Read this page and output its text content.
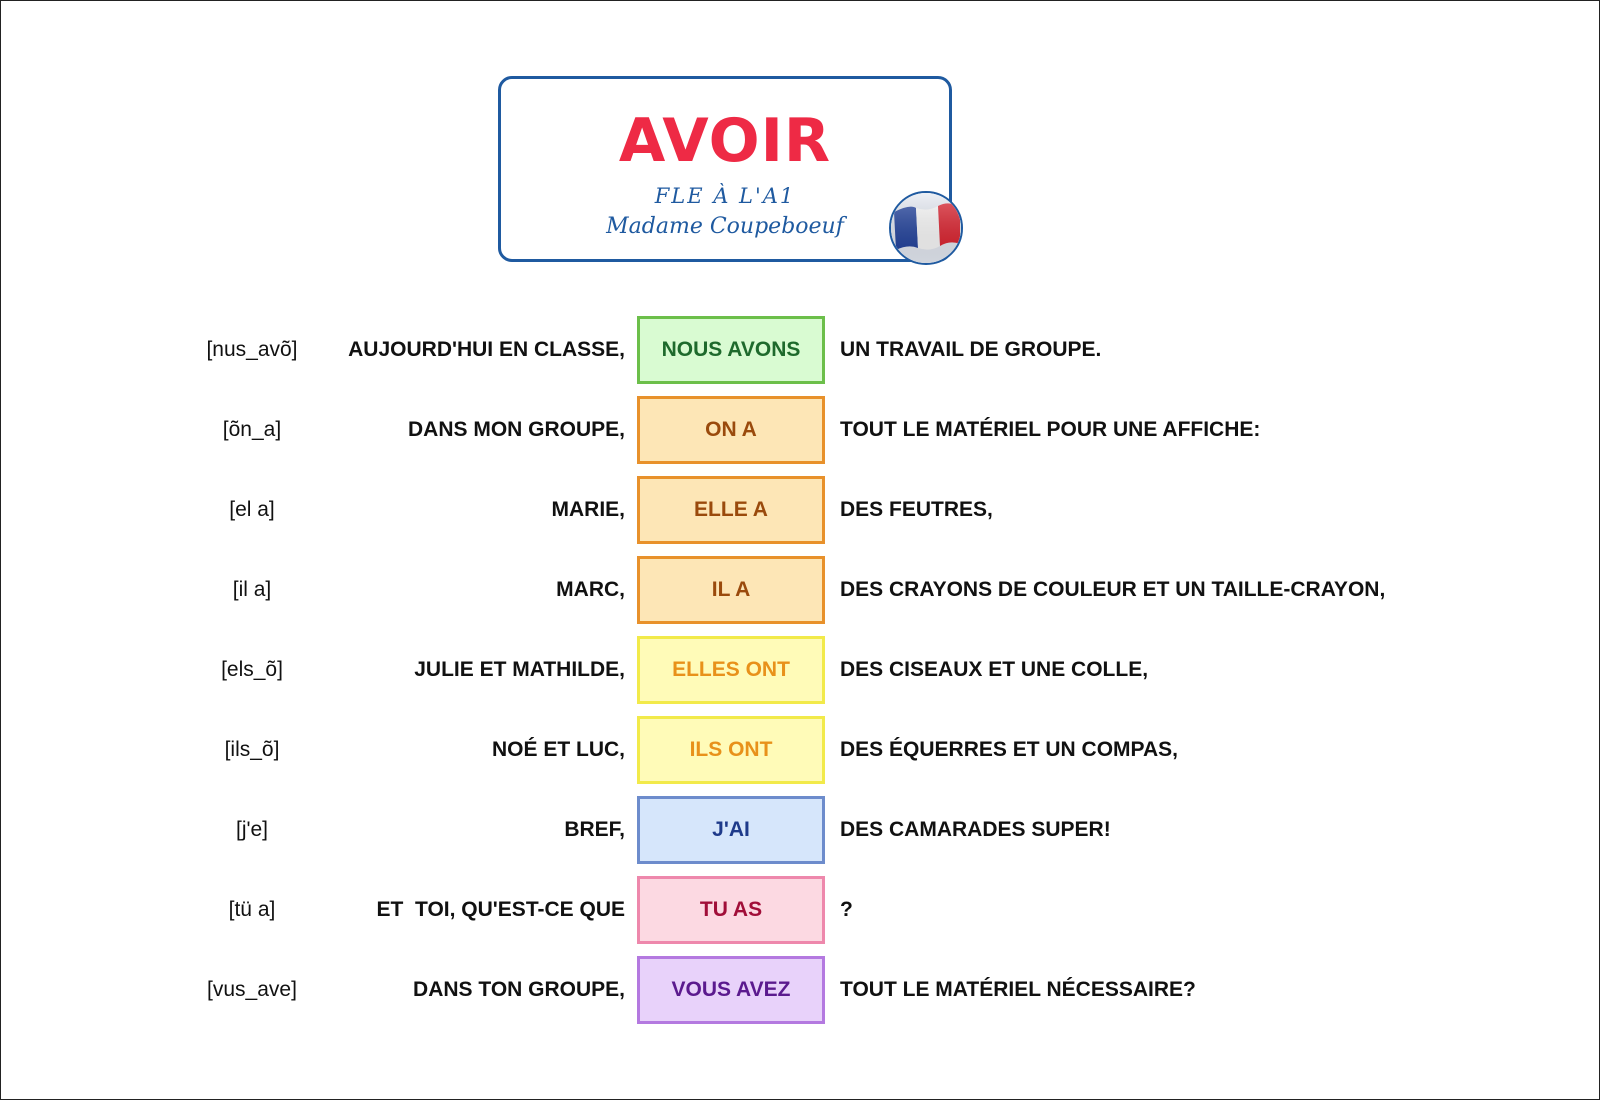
AVOIR
FLE À L'A1
Madame Coupeboeuf
[nus_avõ]	AUJOURD'HUI EN CLASSE,	NOUS AVONS	UN TRAVAIL DE GROUPE.
[õn_a]	DANS MON GROUPE,	ON A	TOUT LE MATÉRIEL POUR UNE AFFICHE:
[el a]	MARIE,	ELLE A	DES FEUTRES,
[il a]	MARC,	IL A	DES CRAYONS DE COULEUR ET UN TAILLE-CRAYON,
[els_õ]	JULIE ET MATHILDE,	ELLES ONT	DES CISEAUX ET UNE COLLE,
[ils_õ]	NOÉ ET LUC,	ILS ONT	DES ÉQUERRES ET UN COMPAS,
[j'e]	BREF,	J'AI	DES CAMARADES SUPER!
[tü a]	ET  TOI, QU'EST-CE QUE	TU AS	?
[vus_ave]	DANS TON GROUPE,	VOUS AVEZ	TOUT LE MATÉRIEL NÉCESSAIRE?
